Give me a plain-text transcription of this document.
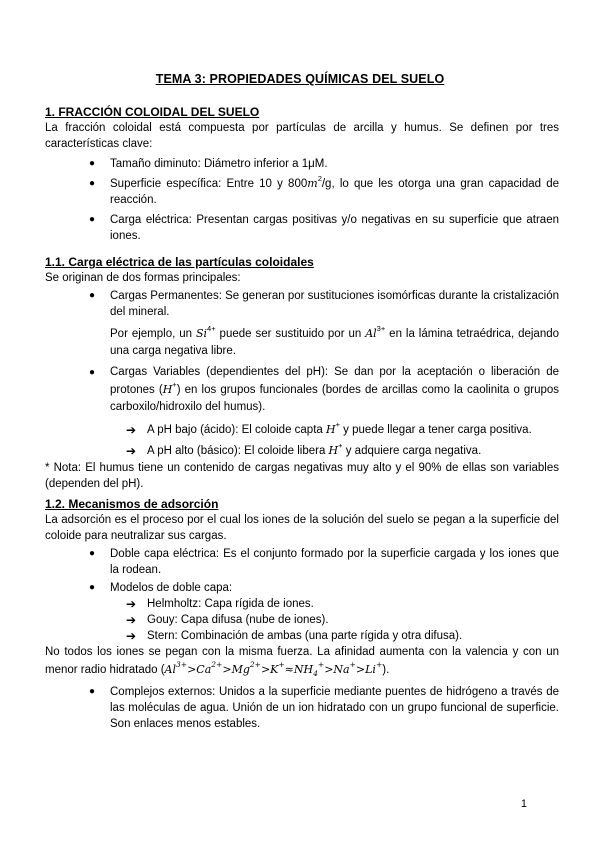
TEMA 3: PROPIEDADES QUÍMICAS DEL SUELO
1. FRACCIÓN COLOIDAL DEL SUELO
La fracción coloidal está compuesta por partículas de arcilla y humus. Se definen por tres características clave:
● Tamaño diminuto: Diámetro inferior a 1μM.
● Superficie específica: Entre 10 y $800m^2/g$, lo que les otorga una gran capacidad de reacción.
● Carga eléctrica: Presentan cargas positivas y/o negativas en su superficie que atraen iones.
1.1. Carga eléctrica de las partículas coloidales
Se originan de dos formas principales:
● Cargas Permanentes: Se generan por sustituciones isomórficas durante la cristalización del mineral.
Por ejemplo, un $Si^{4+}$ puede ser sustituido por un $Al^{3+}$ en la lámina tetraédrica, dejando una carga negativa libre.
● Cargas Variables (dependientes del pH): Se dan por la aceptación o liberación de protones (H+) en los grupos funcionales (bordes de arcillas como la caolinita o grupos carboxilo/hidroxilo del humus).
➔ A pH bajo (ácido): El coloide capta H+ y puede llegar a tener carga positiva.
➔ A pH alto (básico): El coloide libera H+ y adquiere carga negativa.
* Nota: El humus tiene un contenido de cargas negativas muy alto y el 90% de ellas son variables (dependen del pH).
1.2. Mecanismos de adsorción
La adsorción es el proceso por el cual los iones de la solución del suelo se pegan a la superficie del coloide para neutralizar sus cargas.
● Doble capa eléctrica: Es el conjunto formado por la superficie cargada y los iones que la rodean.
● Modelos de doble capa:
➔ Helmholtz: Capa rígida de iones.
➔ Gouy: Capa difusa (nube de iones).
➔ Stern: Combinación de ambas (una parte rígida y otra difusa).
No todos los iones se pegan con la misma fuerza. La afinidad aumenta con la valencia y con un menor radio hidratado $(Al^{3+}>Ca^{2+}>Mg^{2+}>K^+\approx NH_4^+>Na^+>Li^+)$.
● Complejos externos: Unidos a la superficie mediante puentes de hidrógeno a través de las moléculas de agua. Unión de un ion hidratado con un grupo funcional de superficie. Son enlaces menos estables.
1
